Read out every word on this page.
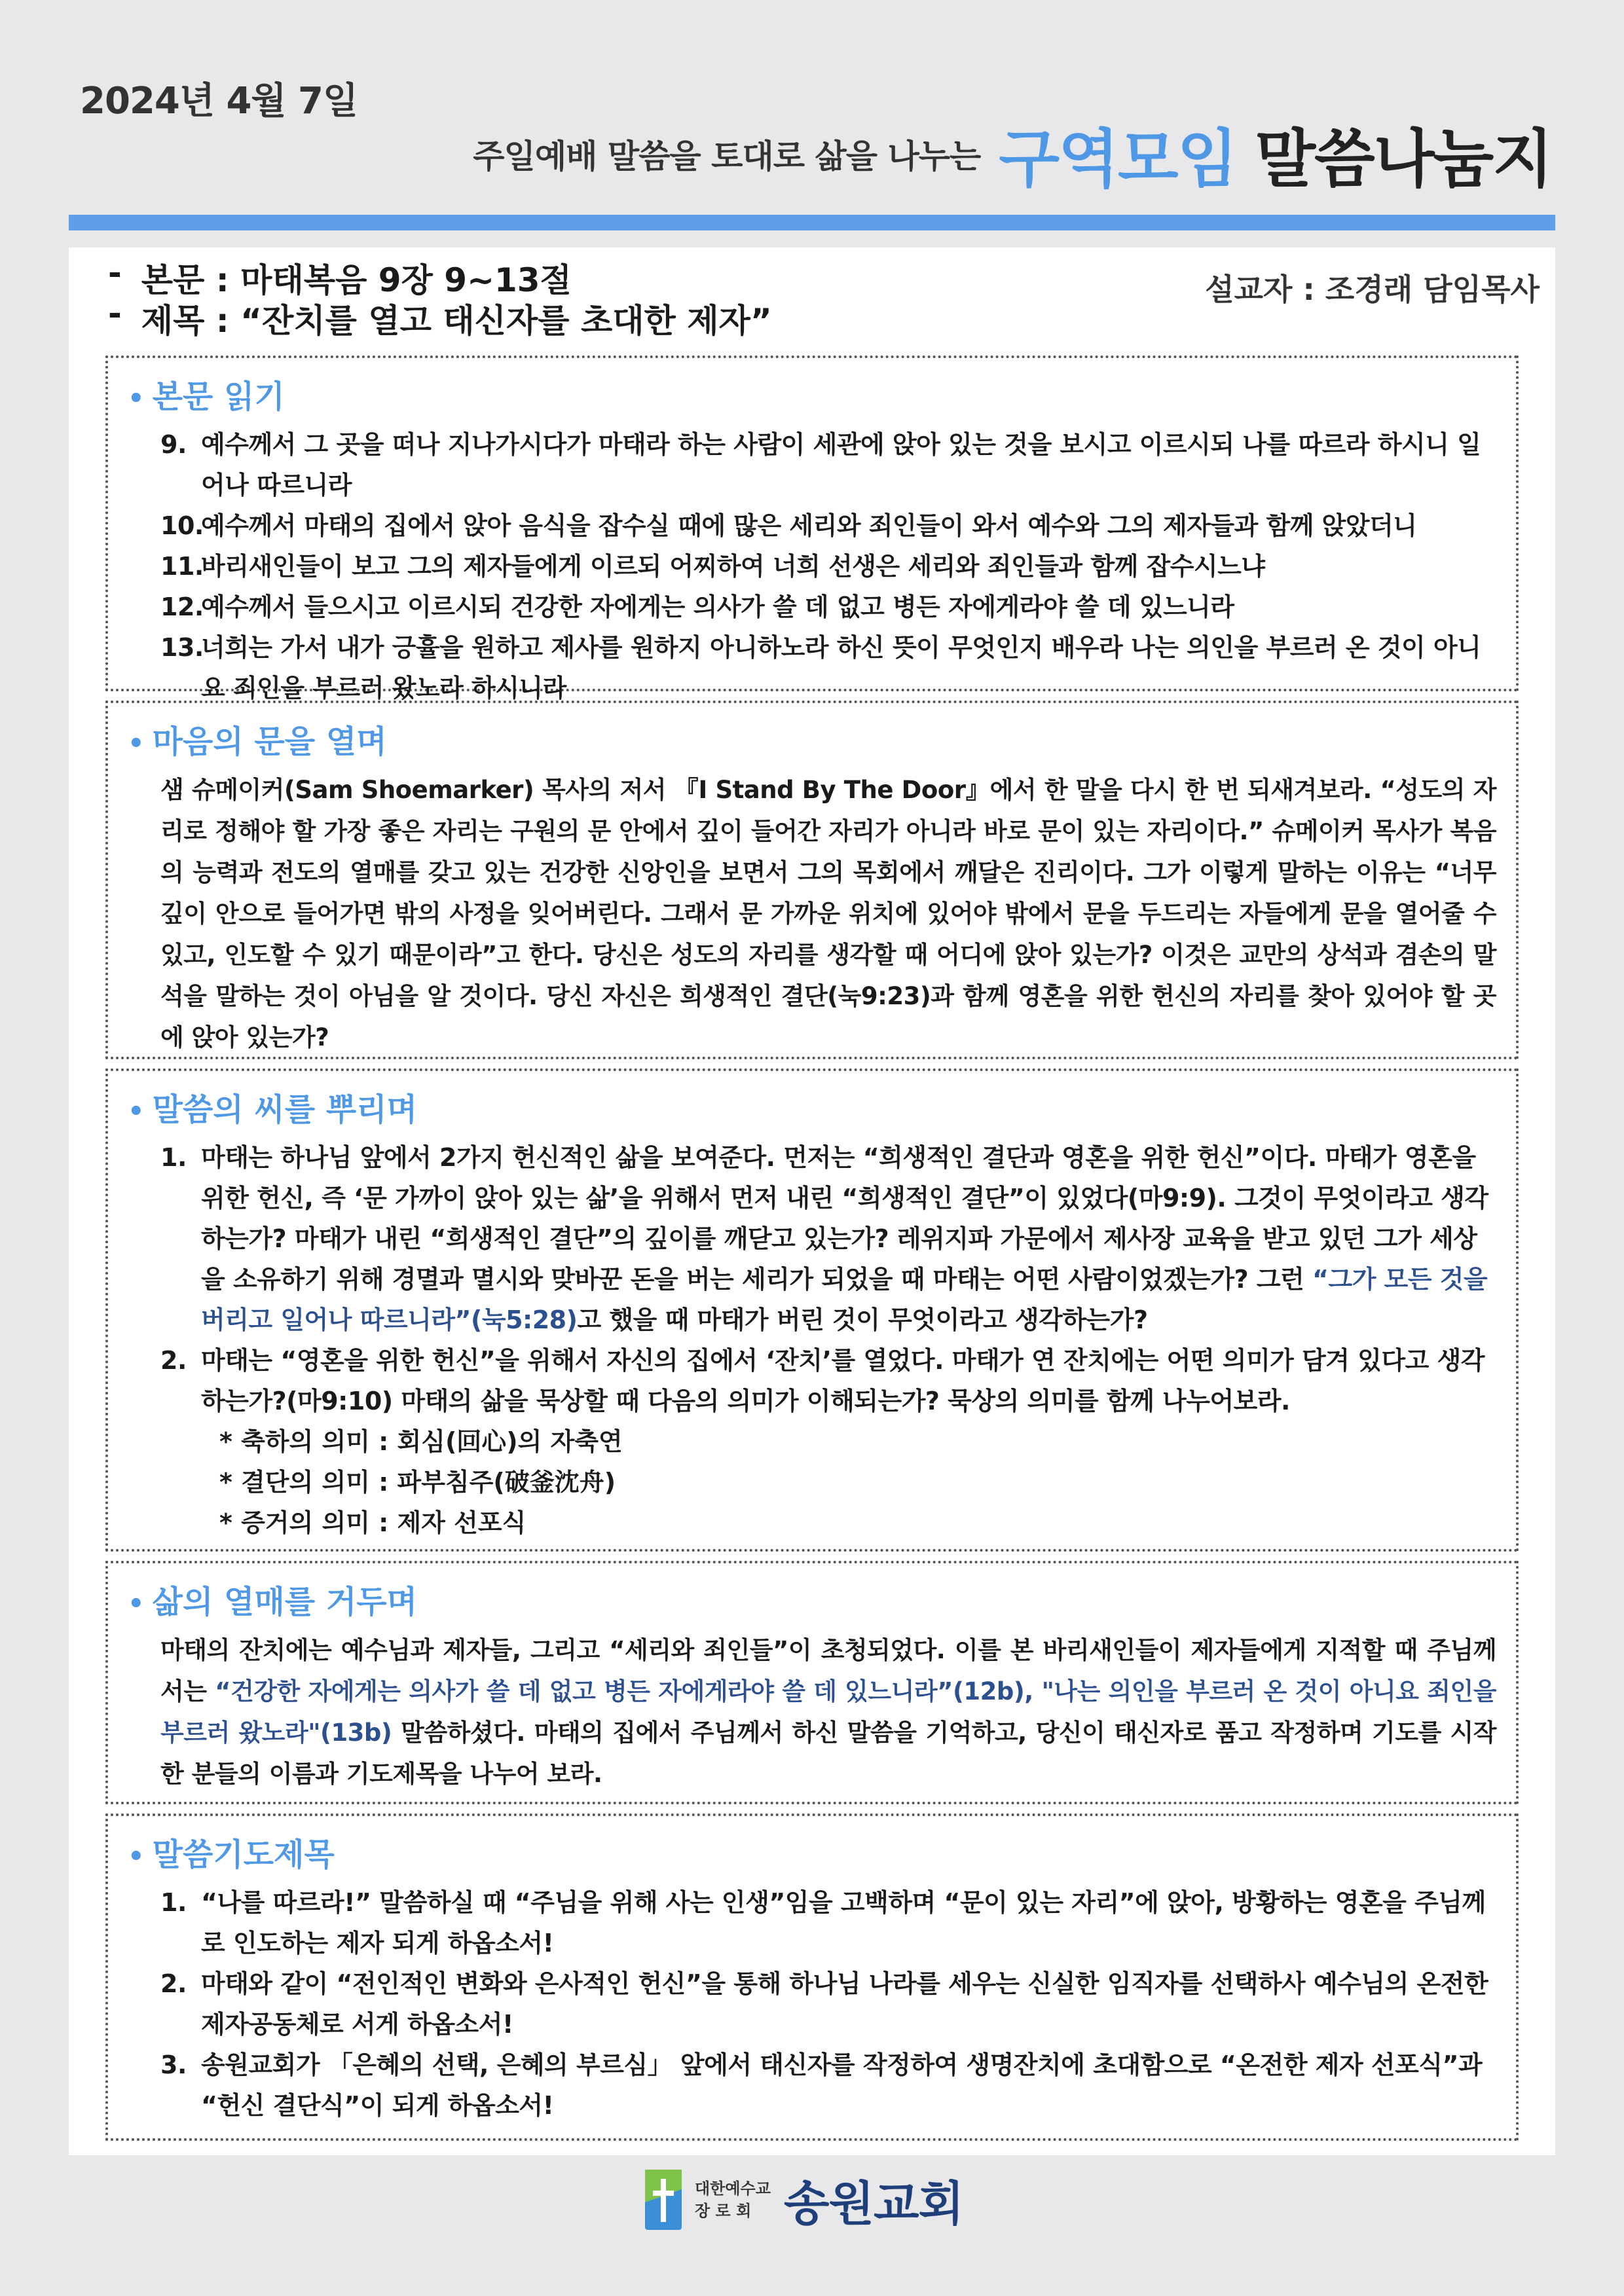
2024년 4월 7일
주일예배 말씀을 토대로 삶을 나누는 구역모임 말씀나눔지
- 본문 : 마태복음 9장 9~13절
- 제목 : “잔치를 열고 태신자를 초대한 제자”
설교자 : 조경래 담임목사
• 본문 읽기
9. 예수께서 그 곳을 떠나 지나가시다가 마태라 하는 사람이 세관에 앉아 있는 것을 보시고 이르시되 나를 따르라 하시니 일어나 따르니라
10.예수께서 마태의 집에서 앉아 음식을 잡수실 때에 많은 세리와 죄인들이 와서 예수와 그의 제자들과 함께 앉았더니
11.바리새인들이 보고 그의 제자들에게 이르되 어찌하여 너희 선생은 세리와 죄인들과 함께 잡수시느냐
12.예수께서 들으시고 이르시되 건강한 자에게는 의사가 쓸 데 없고 병든 자에게라야 쓸 데 있느니라
13.너희는 가서 내가 긍휼을 원하고 제사를 원하지 아니하노라 하신 뜻이 무엇인지 배우라 나는 의인을 부르러 온 것이 아니요 죄인을 부르러 왔노라 하시니라
• 마음의 문을 열며

샘 슈메이커(Sam Shoemarker) 목사의 저서 『I Stand By The Door』에서 한 말을 다시 한 번 되새겨보라. “성도의 자리로 정해야 할 가장 좋은 자리는 구원의 문 안에서 깊이 들어간 자리가 아니라 바로 문이 있는 자리이다.” 슈메이커 목사가 복음의 능력과 전도의 열매를 갖고 있는 건강한 신앙인을 보면서 그의 목회에서 깨달은 진리이다. 그가 이렇게 말하는 이유는 “너무 깊이 안으로 들어가면 밖의 사정을 잊어버린다. 그래서 문 가까운 위치에 있어야 밖에서 문을 두드리는 자들에게 문을 열어줄 수 있고, 인도할 수 있기 때문이라”고 한다. 당신은 성도의 자리를 생각할 때 어디에 앉아 있는가? 이것은 교만의 상석과 겸손의 말석을 말하는 것이 아님을 알 것이다. 당신 자신은 희생적인 결단(눅9:23)과 함께 영혼을 위한 헌신의 자리를 찾아 있어야 할 곳에 앉아 있는가?

• 말씀의 씨를 뿌리며
1. 마태는 하나님 앞에서 2가지 헌신적인 삶을 보여준다. 먼저는 “희생적인 결단과 영혼을 위한 헌신”이다. 마태가 영혼을 위한 헌신, 즉 ‘문 가까이 앉아 있는 삶’을 위해서 먼저 내린 “희생적인 결단”이 있었다(마9:9). 그것이 무엇이라고 생각하는가? 마태가 내린 “희생적인 결단”의 깊이를 깨닫고 있는가? 레위지파 가문에서 제사장 교육을 받고 있던 그가 세상을 소유하기 위해 경멸과 멸시와 맞바꾼 돈을 버는 세리가 되었을 때 마태는 어떤 사람이었겠는가? 그런 “그가 모든 것을 버리고 일어나 따르니라”(눅5:28)고 했을 때 마태가 버린 것이 무엇이라고 생각하는가?
2. 마태는 “영혼을 위한 헌신”을 위해서 자신의 집에서 ‘잔치’를 열었다. 마태가 연 잔치에는 어떤 의미가 담겨 있다고 생각하는가?(마9:10) 마태의 삶을 묵상할 때 다음의 의미가 이해되는가? 묵상의 의미를 함께 나누어보라.
* 축하의 의미 : 회심(回心)의 자축연
* 결단의 의미 : 파부침주(破釜沈舟)
* 증거의 의미 : 제자 선포식
• 삶의 열매를 거두며

마태의 잔치에는 예수님과 제자들, 그리고 “세리와 죄인들”이 초청되었다. 이를 본 바리새인들이 제자들에게 지적할 때 주님께서는 “건강한 자에게는 의사가 쓸 데 없고 병든 자에게라야 쓸 데 있느니라”(12b), "나는 의인을 부르러 온 것이 아니요 죄인을 부르러 왔노라"(13b) 말씀하셨다. 마태의 집에서 주님께서 하신 말씀을 기억하고, 당신이 태신자로 품고 작정하며 기도를 시작한 분들의 이름과 기도제목을 나누어 보라.

• 말씀기도제목
1. “나를 따르라!” 말씀하실 때 “주님을 위해 사는 인생”임을 고백하며 “문이 있는 자리”에 앉아, 방황하는 영혼을 주님께로 인도하는 제자 되게 하옵소서!
2. 마태와 같이 “전인적인 변화와 은사적인 헌신”을 통해 하나님 나라를 세우는 신실한 임직자를 선택하사 예수님의 온전한 제자공동체로 서게 하옵소서!
3. 송원교회가 「은혜의 선택, 은혜의 부르심」 앞에서 태신자를 작정하여 생명잔치에 초대함으로 “온전한 제자 선포식”과 “헌신 결단식”이 되게 하옵소서!
대한예수교
장 로 회 송원교회
